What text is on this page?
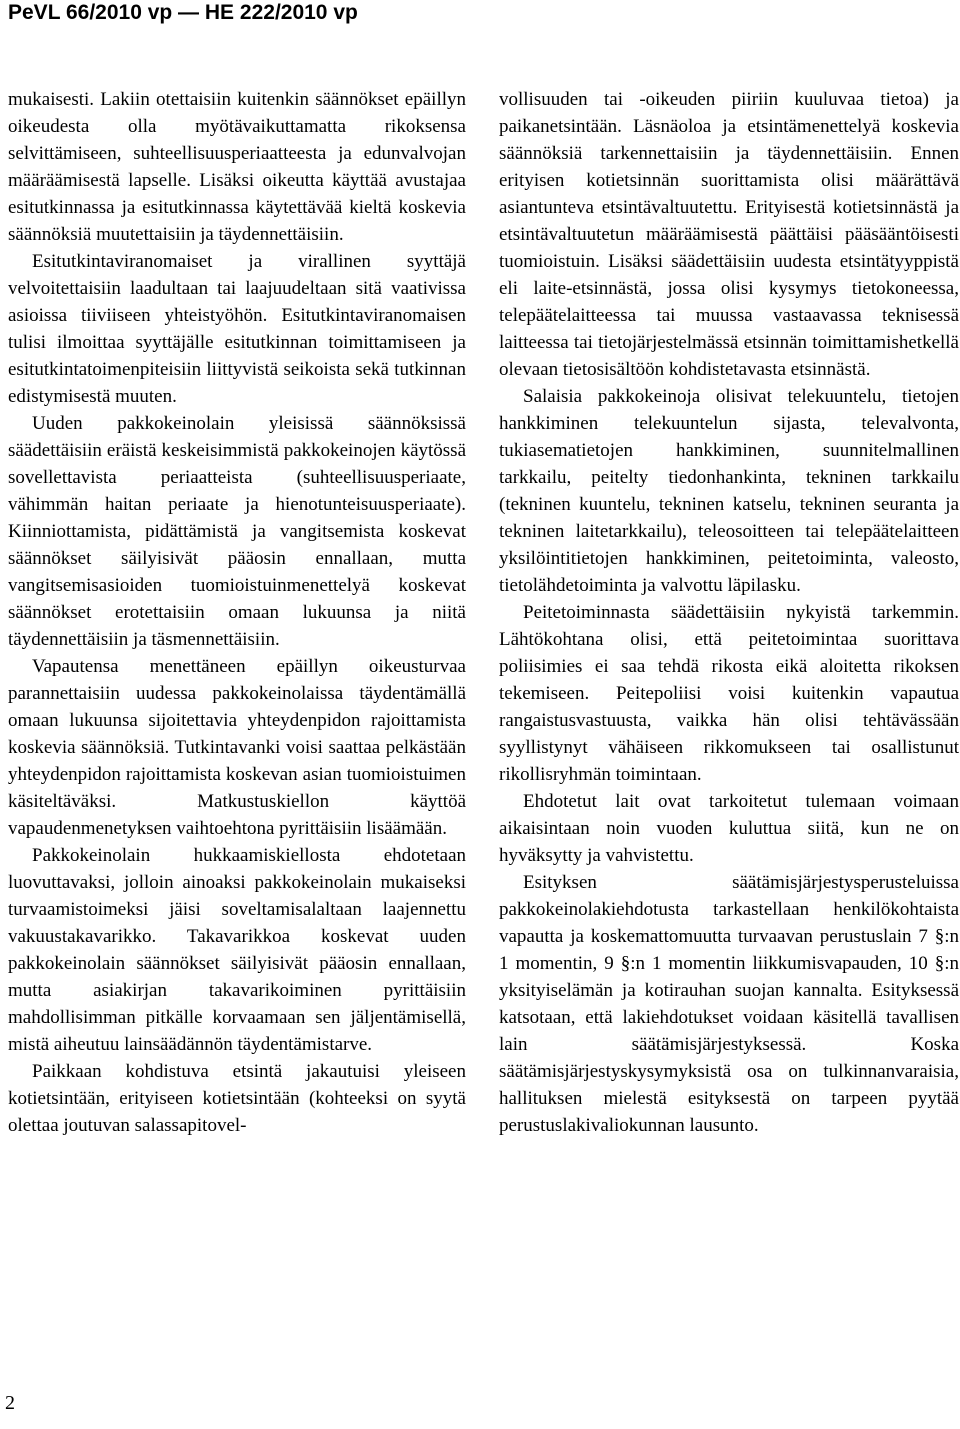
PeVL 66/2010 vp — HE 222/2010 vp

mukaisesti. Lakiin otettaisiin kuitenkin säännökset epäillyn oikeudesta olla myötävaikuttamatta rikoksensa selvittämiseen, suhteellisuusperiaatteesta ja edunvalvojan määräämisestä lapselle. Lisäksi oikeutta käyttää avustajaa esitutkinnassa ja esitutkinnassa käytettävää kieltä koskevia säännöksiä muutettaisiin ja täydennettäisiin.

Esitutkintaviranomaiset ja virallinen syyttäjä velvoitettaisiin laadultaan tai laajuudeltaan sitä vaativissa asioissa tiiviiseen yhteistyöhön. Esitutkintaviranomaisen tulisi ilmoittaa syyttäjälle esitutkinnan toimittamiseen ja esitutkintatoimenpiteisiin liittyvistä seikoista sekä tutkinnan edistymisestä muuten.

Uuden pakkokeinolain yleisissä säännöksissä säädettäisiin eräistä keskeisimmistä pakkokeinojen käytössä sovellettavista periaatteista (suhteellisuusperiaate, vähimmän haitan periaate ja hienotunteisuusperiaate). Kiinniottamista, pidättämistä ja vangitsemista koskevat säännökset säilyisivät pääosin ennallaan, mutta vangitsemisasioiden tuomioistuinmenettelyä koskevat säännökset erotettaisiin omaan lukuunsa ja niitä täydennettäisiin ja täsmennettäisiin.

Vapautensa menettäneen epäillyn oikeusturvaa parannettaisiin uudessa pakkokeinolaissa täydentämällä omaan lukuunsa sijoitettavia yhteydenpidon rajoittamista koskevia säännöksiä. Tutkintavanki voisi saattaa pelkästään yhteydenpidon rajoittamista koskevan asian tuomioistuimen käsiteltäväksi. Matkustuskiellon käyttöä vapaudenmenetyksen vaihtoehtona pyrittäisiin lisäämään.

Pakkokeinolain hukkaamiskiellosta ehdotetaan luovuttavaksi, jolloin ainoaksi pakkokeinolain mukaiseksi turvaamistoimeksi jäisi soveltamisalaltaan laajennettu vakuustakavarikko. Takavarikkoa koskevat uuden pakkokeinolain säännökset säilyisivät pääosin ennallaan, mutta asiakirjan takavarikoiminen pyrittäisiin mahdollisimman pitkälle korvaamaan sen jäljentämisellä, mistä aiheutuu lainsäädännön täydentämistarve.

Paikkaan kohdistuva etsintä jakautuisi yleiseen kotietsintään, erityiseen kotietsintään (kohteeksi on syytä olettaa joutuvan salassapitovel-

vollisuuden tai -oikeuden piiriin kuuluvaa tietoa) ja paikanetsintään. Läsnäoloa ja etsintämenettelyä koskevia säännöksiä tarkennettaisiin ja täydennettäisiin. Ennen erityisen kotietsinnän suorittamista olisi määrättävä asiantunteva etsintävaltuutettu. Erityisestä kotietsinnästä ja etsintävaltuutetun määräämisestä päättäisi pääsääntöisesti tuomioistuin. Lisäksi säädettäisiin uudesta etsintätyyppistä eli laite-etsinnästä, jossa olisi kysymys tietokoneessa, telepäätelaitteessa tai muussa vastaavassa teknisessä laitteessa tai tietojärjestelmässä etsinnän toimittamishetkellä olevaan tietosisältöön kohdistetavasta etsinnästä.

Salaisia pakkokeinoja olisivat telekuuntelu, tietojen hankkiminen telekuuntelun sijasta, televalvonta, tukiasematietojen hankkiminen, suunnitelmallinen tarkkailu, peitelty tiedonhankinta, tekninen tarkkailu (tekninen kuuntelu, tekninen katselu, tekninen seuranta ja tekninen laitetarkkailu), teleosoitteen tai telepäätelaitteen yksilöintitietojen hankkiminen, peitetoiminta, valeosto, tietolähdetoiminta ja valvottu läpilasku.

Peitetoiminnasta säädettäisiin nykyistä tarkemmin. Lähtökohtana olisi, että peitetoimintaa suorittava poliisimies ei saa tehdä rikosta eikä aloitetta rikoksen tekemiseen. Peitepoliisi voisi kuitenkin vapautua rangaistusvastuusta, vaikka hän olisi tehtävässään syyllistynyt vähäiseen rikkomukseen tai osallistunut rikollisryhmän toimintaan.

Ehdotetut lait ovat tarkoitetut tulemaan voimaan aikaisintaan noin vuoden kuluttua siitä, kun ne on hyväksytty ja vahvistettu.

Esityksen säätämisjärjestysperusteluissa pakkokeinolakiehdotusta tarkastellaan henkilökohtaista vapautta ja koskemattomuutta turvaavan perustuslain 7 §:n 1 momentin, 9 §:n 1 momentin liikkumisvapauden, 10 §:n yksityiselämän ja kotirauhan suojan kannalta. Esityksessä katsotaan, että lakiehdotukset voidaan käsitellä tavallisen lain säätämisjärjestyksessä. Koska säätämisjärjestyskysymyksistä osa on tulkinnanvaraisia, hallituksen mielestä esityksestä on tarpeen pyytää perustuslakivaliokunnan lausunto.

2
